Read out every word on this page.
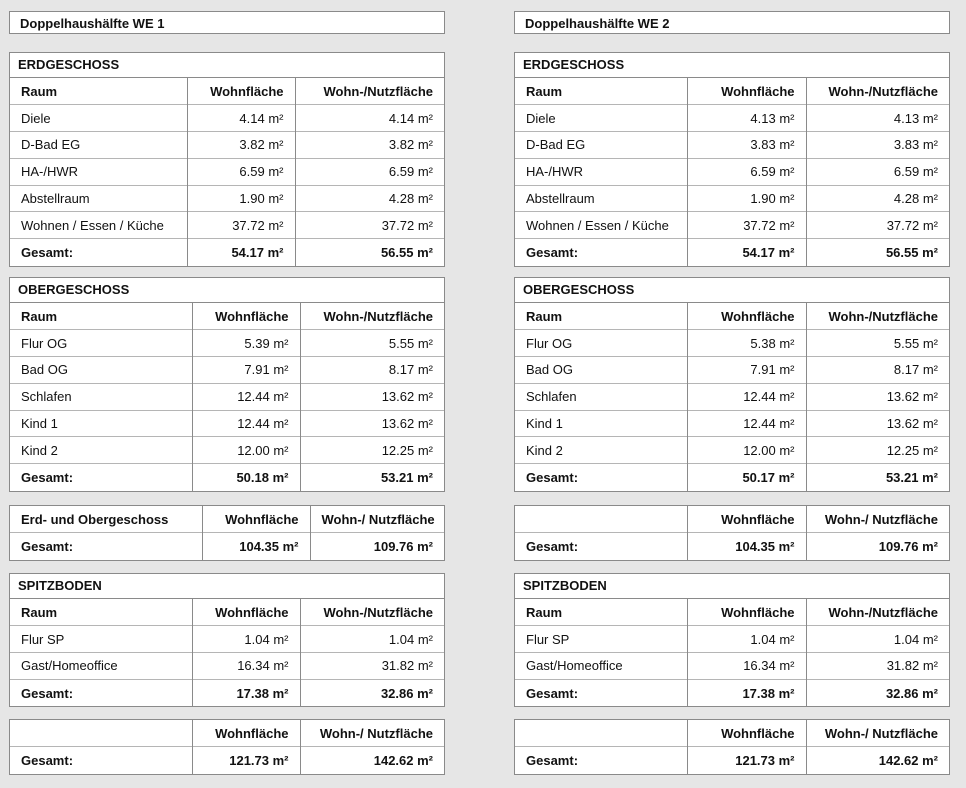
Doppelhaushälfte WE 1
ERDGESCHOSS
Raum	Wohnfläche	Wohn-/Nutzfläche
Diele	4.14 m²	4.14 m²
D-Bad EG	3.82 m²	3.82 m²
HA-/HWR	6.59 m²	6.59 m²
Abstellraum	1.90 m²	4.28 m²
Wohnen / Essen / Küche	37.72 m²	37.72 m²
Gesamt:	54.17 m²	56.55 m²
OBERGESCHOSS
Raum	Wohnfläche	Wohn-/Nutzfläche
Flur OG	5.39 m²	5.55 m²
Bad OG	7.91 m²	8.17 m²
Schlafen	12.44 m²	13.62 m²
Kind 1	12.44 m²	13.62 m²
Kind 2	12.00 m²	12.25 m²
Gesamt:	50.18 m²	53.21 m²
Erd- und Obergeschoss	Wohnfläche	Wohn-/ Nutzfläche
Gesamt:	104.35 m²	109.76 m²
SPITZBODEN
Raum	Wohnfläche	Wohn-/Nutzfläche
Flur SP	1.04 m²	1.04 m²
Gast/Homeoffice	16.34 m²	31.82 m²
Gesamt:	17.38 m²	32.86 m²
	Wohnfläche	Wohn-/ Nutzfläche
Gesamt:	121.73 m²	142.62 m²
Doppelhaushälfte WE 2
ERDGESCHOSS
Raum	Wohnfläche	Wohn-/Nutzfläche
Diele	4.13 m²	4.13 m²
D-Bad EG	3.83 m²	3.83 m²
HA-/HWR	6.59 m²	6.59 m²
Abstellraum	1.90 m²	4.28 m²
Wohnen / Essen / Küche	37.72 m²	37.72 m²
Gesamt:	54.17 m²	56.55 m²
OBERGESCHOSS
Raum	Wohnfläche	Wohn-/Nutzfläche
Flur OG	5.38 m²	5.55 m²
Bad OG	7.91 m²	8.17 m²
Schlafen	12.44 m²	13.62 m²
Kind 1	12.44 m²	13.62 m²
Kind 2	12.00 m²	12.25 m²
Gesamt:	50.17 m²	53.21 m²
	Wohnfläche	Wohn-/ Nutzfläche
Gesamt:	104.35 m²	109.76 m²
SPITZBODEN
Raum	Wohnfläche	Wohn-/Nutzfläche
Flur SP	1.04 m²	1.04 m²
Gast/Homeoffice	16.34 m²	31.82 m²
Gesamt:	17.38 m²	32.86 m²
	Wohnfläche	Wohn-/ Nutzfläche
Gesamt:	121.73 m²	142.62 m²
